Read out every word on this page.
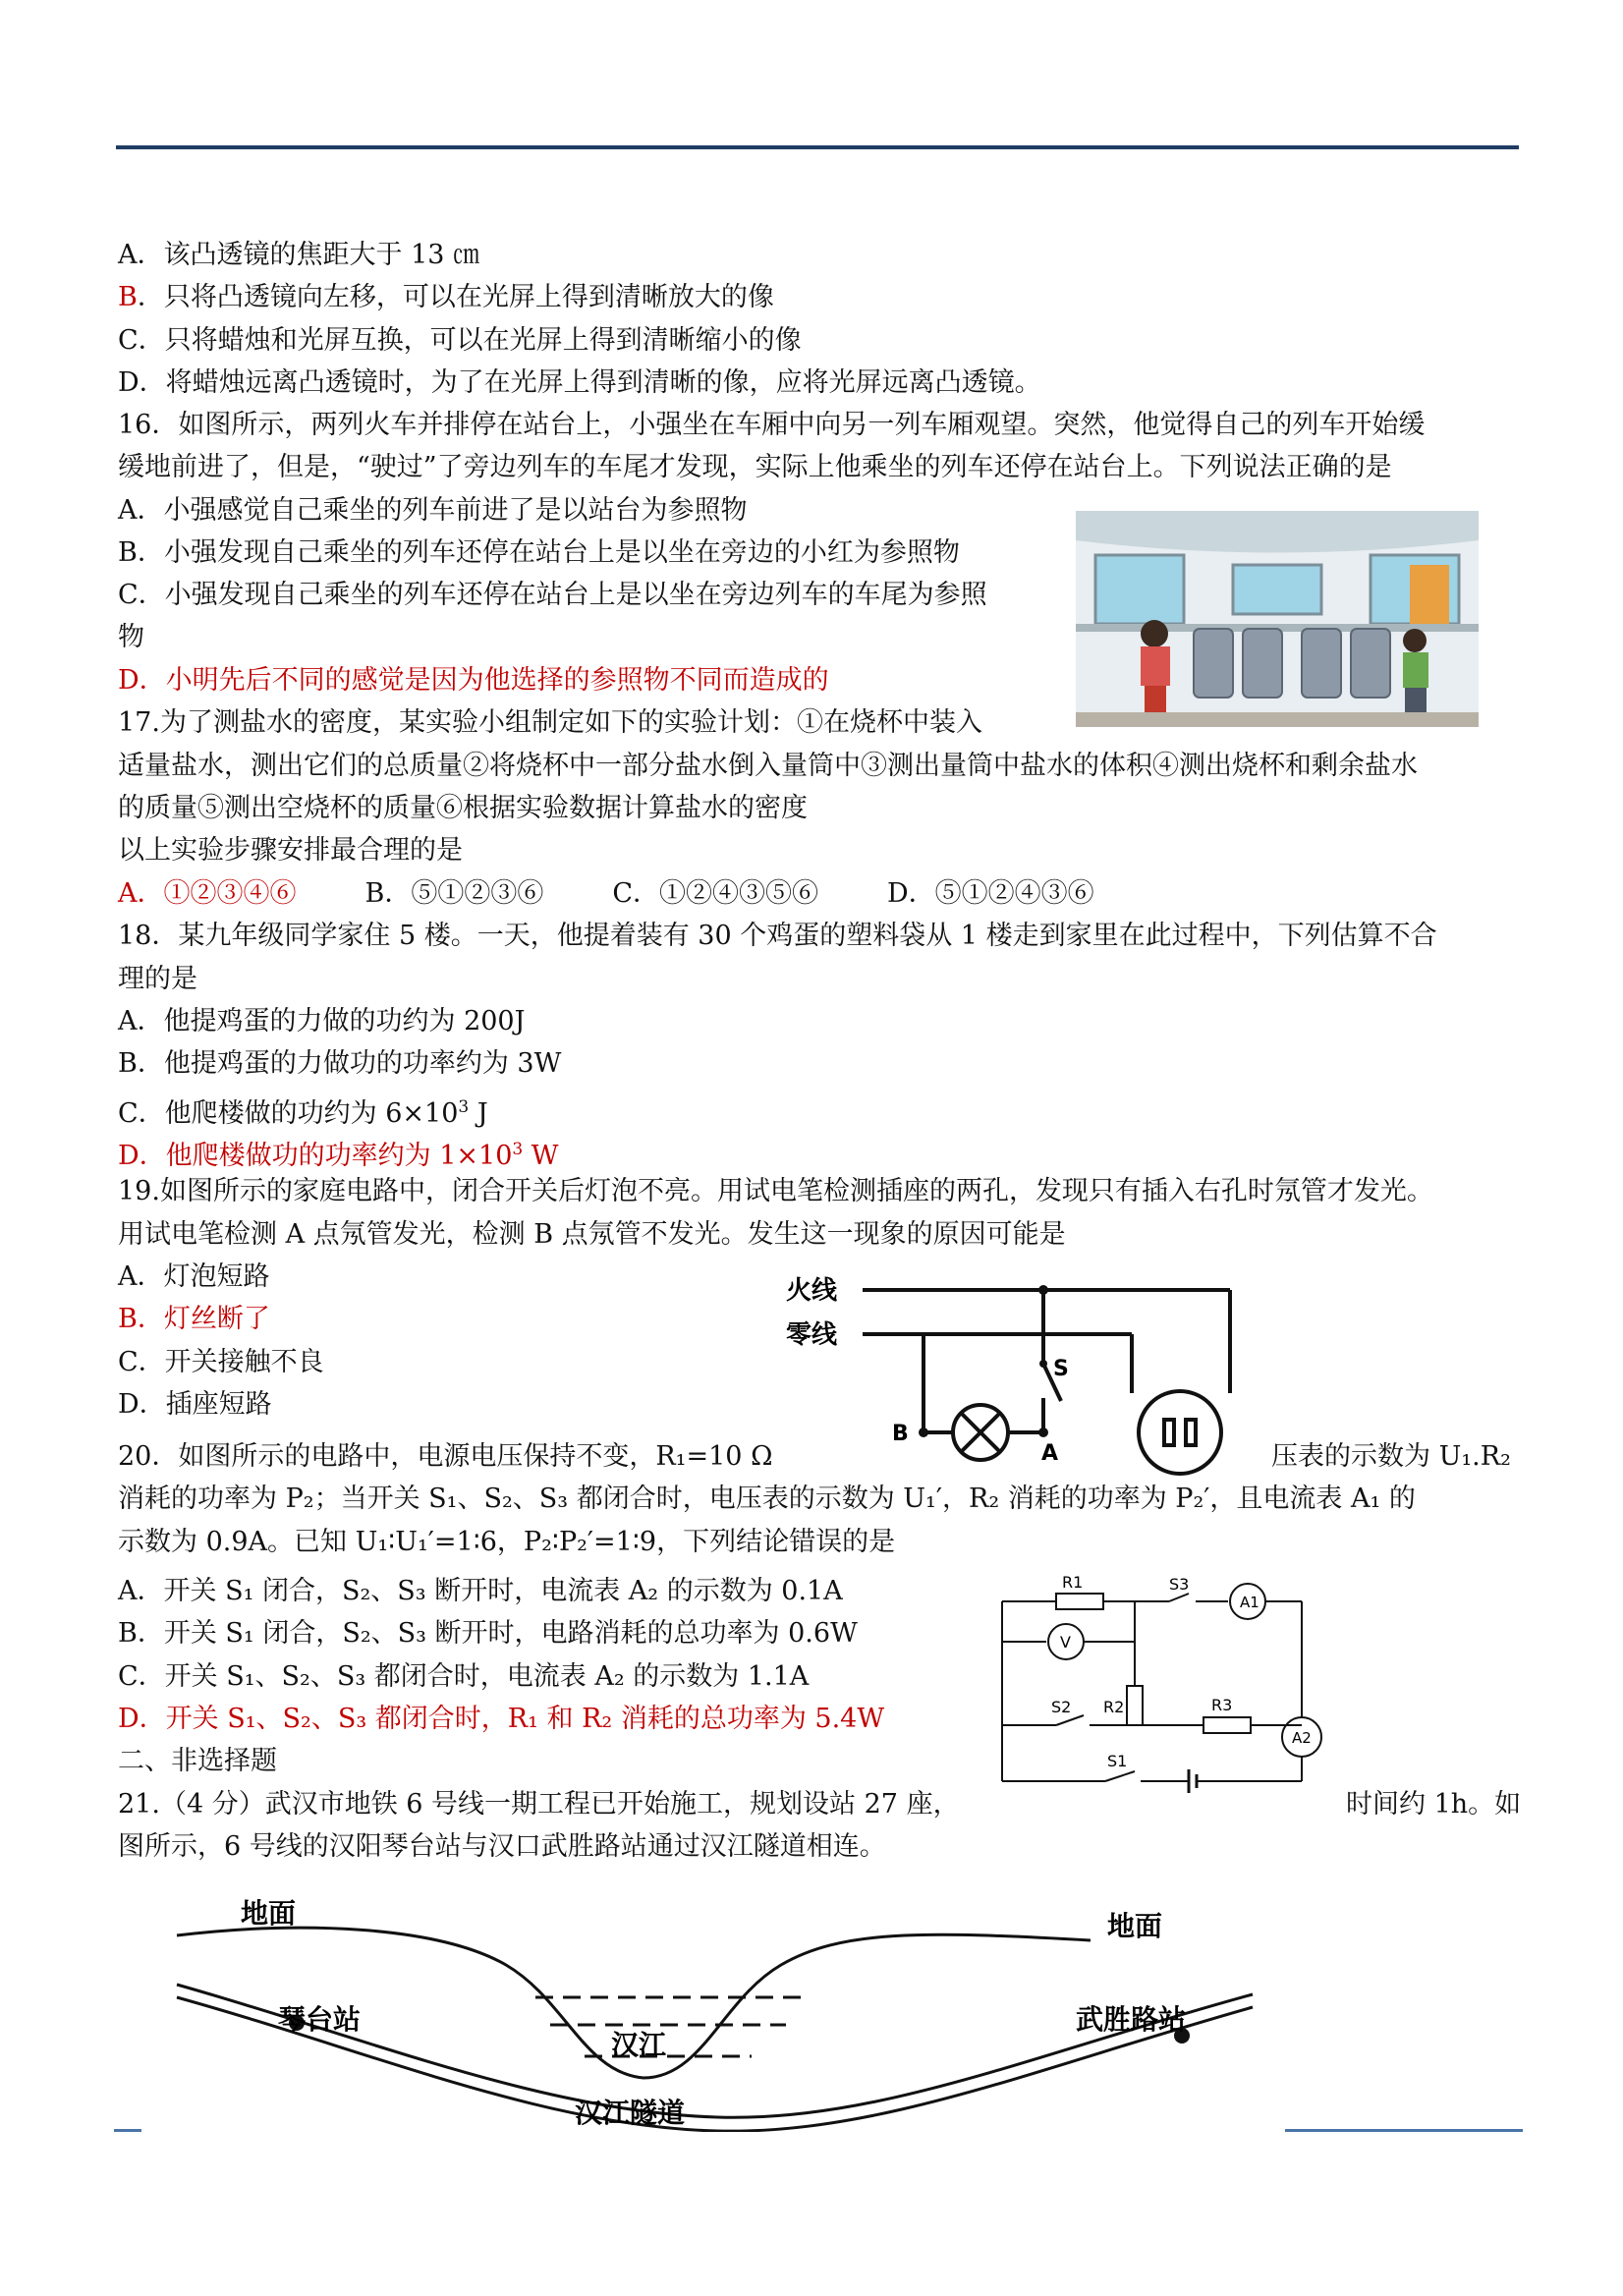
A．该凸透镜的焦距大于 13 ㎝
B．只将凸透镜向左移，可以在光屏上得到清晰放大的像
C．只将蜡烛和光屏互换，可以在光屏上得到清晰缩小的像
D．将蜡烛远离凸透镜时，为了在光屏上得到清晰的像，应将光屏远离凸透镜。
16．如图所示，两列火车并排停在站台上，小强坐在车厢中向另一列车厢观望。突然，他觉得自己的列车开始缓
缓地前进了，但是，“驶过”了旁边列车的车尾才发现，实际上他乘坐的列车还停在站台上。下列说法正确的是
A．小强感觉自己乘坐的列车前进了是以站台为参照物
B．小强发现自己乘坐的列车还停在站台上是以坐在旁边的小红为参照物
C．小强发现自己乘坐的列车还停在站台上是以坐在旁边列车的车尾为参照
物
D．小明先后不同的感觉是因为他选择的参照物不同而造成的
17.为了测盐水的密度，某实验小组制定如下的实验计划：①在烧杯中装入
适量盐水，测出它们的总质量②将烧杯中一部分盐水倒入量筒中③测出量筒中盐水的体积④测出烧杯和剩余盐水
的质量⑤测出空烧杯的质量⑥根据实验数据计算盐水的密度
以上实验步骤安排最合理的是
A．①②③④⑥	B．⑤①②③⑥	C．①②④③⑤⑥	D．⑤①②④③⑥
18．某九年级同学家住 5 楼。一天，他提着装有 30 个鸡蛋的塑料袋从 1 楼走到家里在此过程中，下列估算不合
理的是
A．他提鸡蛋的力做的功约为 200J
B．他提鸡蛋的力做功的功率约为 3W
C．他爬楼做的功约为 $6\times 10^3$ J
D．他爬楼做功的功率约为 $1\times 10^3$ W
19.如图所示的家庭电路中，闭合开关后灯泡不亮。用试电笔检测插座的两孔，发现只有插入右孔时氖管才发光。
用试电笔检测 A 点氖管发光，检测 B 点氖管不发光。发生这一现象的原因可能是
A．灯泡短路
B．灯丝断了
C．开关接触不良
D．插座短路
火线
零线
S
B
A
20．如图所示的电路中，电源电压保持不变，R₁=10 Ω	压表的示数为 U₁.R₂
消耗的功率为 P₂；当开关 S₁、S₂、S₃ 都闭合时，电压表的示数为 U₁′，R₂ 消耗的功率为 P₂′，且电流表 A₁ 的
示数为 0.9A。已知 U₁∶U₁′=1∶6，P₂∶P₂′=1∶9，下列结论错误的是
A．开关 S₁ 闭合，S₂、S₃ 断开时，电流表 A₂ 的示数为 0.1A
B．开关 S₁ 闭合，S₂、S₃ 断开时，电路消耗的总功率为 0.6W
C．开关 S₁、S₂、S₃ 都闭合时，电流表 A₂ 的示数为 1.1A
D．开关 S₁、S₂、S₃ 都闭合时，R₁ 和 R₂ 消耗的总功率为 5.4W
R1	S3
A1
V
R2
S2	R3
A2
S1
二、非选择题
21.（4 分）武汉市地铁 6 号线一期工程已开始施工，规划设站 27 座，	时间约 1h。如
图所示，6 号线的汉阳琴台站与汉口武胜路站通过汉江隧道相连。
地面	地面
琴台站	武胜路站
汉江
汉江隧道
